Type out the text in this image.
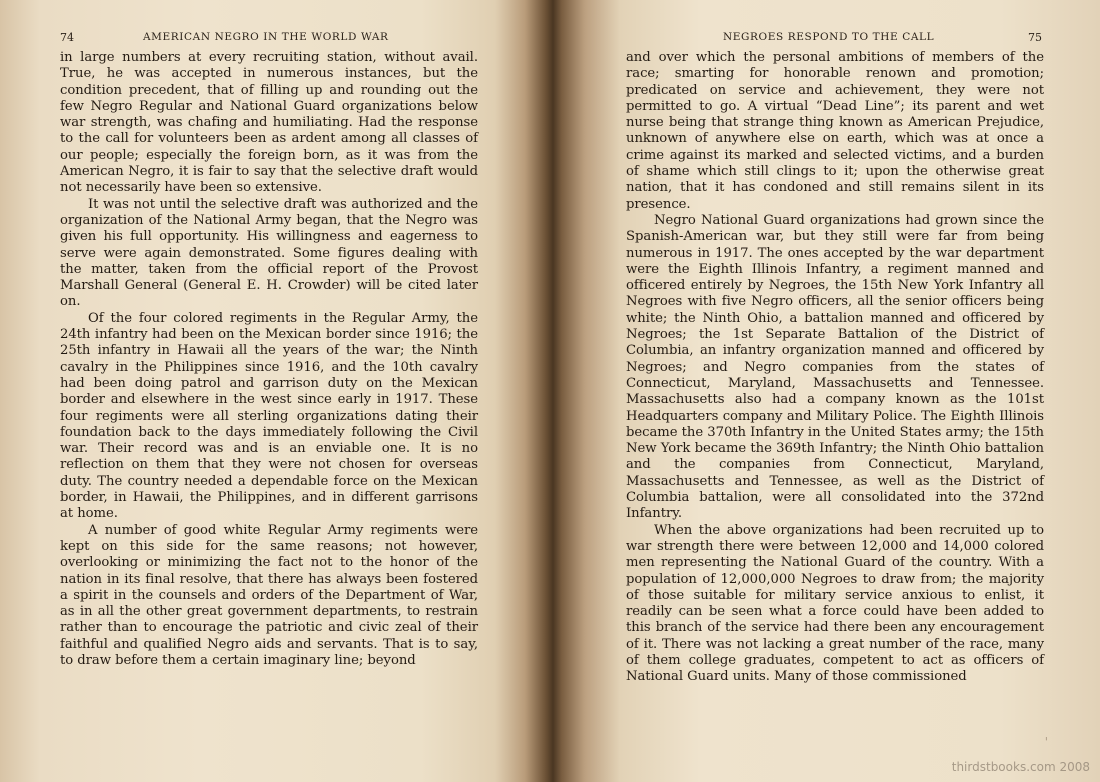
74	AMERICAN NEGRO IN THE WORLD WAR

in large numbers at every recruiting station, without avail. True, he was accepted in numerous instances, but the condition precedent, that of filling up and rounding out the few Negro Regular and National Guard organizations below war strength, was chafing and humiliating. Had the response to the call for volunteers been as ardent among all classes of our people; especially the foreign born, as it was from the American Negro, it is fair to say that the selective draft would not necessarily have been so extensive.

It was not until the selective draft was authorized and the organization of the National Army began, that the Negro was given his full opportunity. His willingness and eagerness to serve were again demonstrated. Some figures dealing with the matter, taken from the official report of the Provost Marshall General (General E. H. Crowder) will be cited later on.

Of the four colored regiments in the Regular Army, the 24th infantry had been on the Mexican border since 1916; the 25th infantry in Hawaii all the years of the war; the Ninth cavalry in the Philippines since 1916, and the 10th cavalry had been doing patrol and garrison duty on the Mexican border and elsewhere in the west since early in 1917. These four regiments were all sterling organizations dating their foundation back to the days immediately following the Civil war. Their record was and is an enviable one. It is no reflection on them that they were not chosen for overseas duty. The country needed a dependable force on the Mexican border, in Hawaii, the Philippines, and in different garrisons at home.

A number of good white Regular Army regiments were kept on this side for the same reasons; not however, overlooking or minimizing the fact not to the honor of the nation in its final resolve, that there has always been fostered a spirit in the counsels and orders of the Department of War, as in all the other great government departments, to restrain rather than to encourage the patriotic and civic zeal of their faithful and qualified Negro aids and servants. That is to say, to draw before them a certain imaginary line; beyond

NEGROES RESPOND TO THE CALL	75

and over which the personal ambitions of members of the race; smarting for honorable renown and promotion; predicated on service and achievement, they were not permitted to go. A virtual “Dead Line”; its parent and wet nurse being that strange thing known as American Prejudice, unknown of anywhere else on earth, which was at once a crime against its marked and selected victims, and a burden of shame which still clings to it; upon the otherwise great nation, that it has condoned and still remains silent in its presence.

Negro National Guard organizations had grown since the Spanish-American war, but they still were far from being numerous in 1917. The ones accepted by the war department were the Eighth Illinois Infantry, a regiment manned and officered entirely by Negroes, the 15th New York Infantry all Negroes with five Negro officers, all the senior officers being white; the Ninth Ohio, a battalion manned and officered by Negroes; the 1st Separate Battalion of the District of Columbia, an infantry organization manned and officered by Negroes; and Negro companies from the states of Connecticut, Maryland, Massachusetts and Tennessee. Massachusetts also had a company known as the 101st Headquarters company and Military Police. The Eighth Illinois became the 370th Infantry in the United States army; the 15th New York became the 369th Infantry; the Ninth Ohio battalion and the companies from Connecticut, Maryland, Massachusetts and Tennessee, as well as the District of Columbia battalion, were all consolidated into the 372nd Infantry.

When the above organizations had been recruited up to war strength there were between 12,000 and 14,000 colored men representing the National Guard of the country. With a population of 12,000,000 Negroes to draw from; the majority of those suitable for military service anxious to enlist, it readily can be seen what a force could have been added to this branch of the service had there been any encouragement of it. There was not lacking a great number of the race, many of them college graduates, competent to act as officers of National Guard units. Many of those commissioned

'
thirdstbooks.com 2008
